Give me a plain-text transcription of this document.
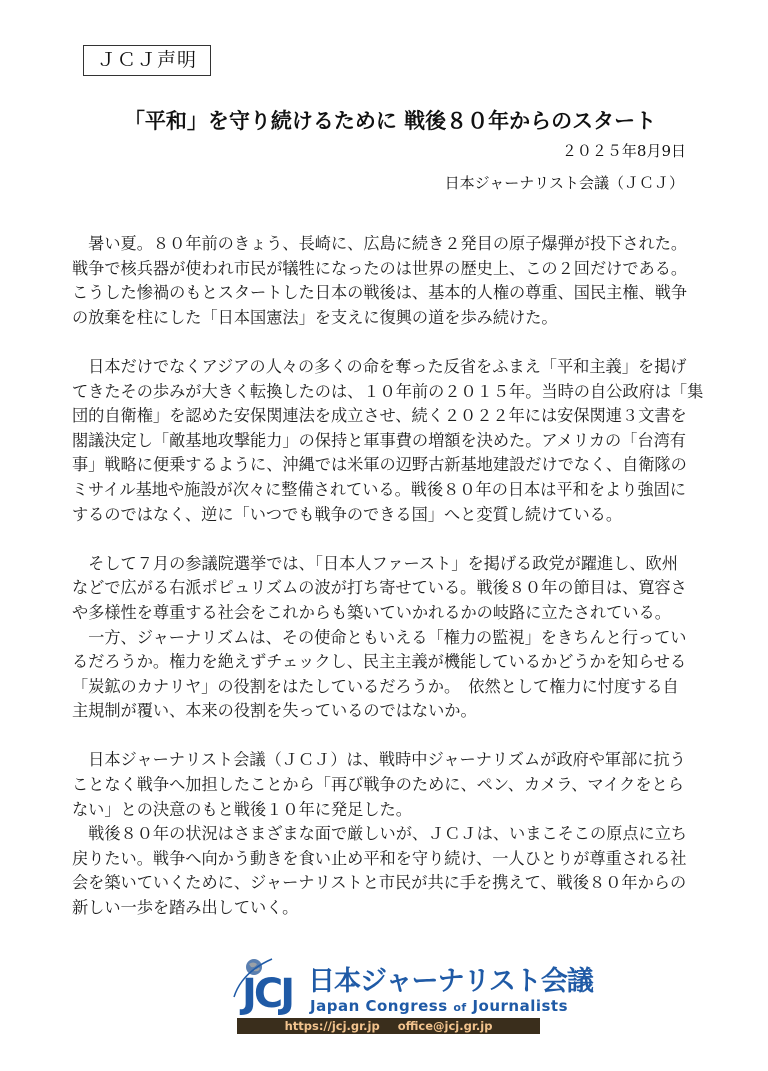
ＪＣＪ声明
「平和」を守り続けるために 戦後８０年からのスタート
２０２５年8月9日
日本ジャーナリスト会議（ＪＣＪ）
　暑い夏。８０年前のきょう、長崎に、広島に続き２発目の原子爆弾が投下された。
戦争で核兵器が使われ市民が犠牲になったのは世界の歴史上、この２回だけである。
こうした惨禍のもとスタートした日本の戦後は、基本的人権の尊重、国民主権、戦争
の放棄を柱にした「日本国憲法」を支えに復興の道を歩み続けた。
　日本だけでなくアジアの人々の多くの命を奪った反省をふまえ「平和主義」を掲げ
てきたその歩みが大きく転換したのは、１０年前の２０１５年。当時の自公政府は「集
団的自衛権」を認めた安保関連法を成立させ、続く２０２２年には安保関連３文書を
閣議決定し「敵基地攻撃能力」の保持と軍事費の増額を決めた。アメリカの「台湾有
事」戦略に便乗するように、沖縄では米軍の辺野古新基地建設だけでなく、自衛隊の
ミサイル基地や施設が次々に整備されている。戦後８０年の日本は平和をより強固に
するのではなく、逆に「いつでも戦争のできる国」へと変質し続けている。
　そして７月の参議院選挙では、「日本人ファースト」を掲げる政党が躍進し、欧州
などで広がる右派ポピュリズムの波が打ち寄せている。戦後８０年の節目は、寛容さ
や多様性を尊重する社会をこれからも築いていかれるかの岐路に立たされている。
　一方、ジャーナリズムは、その使命ともいえる「権力の監視」をきちんと行ってい
るだろうか。権力を絶えずチェックし、民主主義が機能しているかどうかを知らせる
「炭鉱のカナリヤ」の役割をはたしているだろうか。　依然として権力に忖度する自
主規制が覆い、本来の役割を失っているのではないか。
　日本ジャーナリスト会議（ＪＣＪ）は、戦時中ジャーナリズムが政府や軍部に抗う
ことなく戦争へ加担したことから「再び戦争のために、ペン、カメラ、マイクをとら
ない」との決意のもと戦後１０年に発足した。
　戦後８０年の状況はさまざまな面で厳しいが、ＪＣＪは、いまこそこの原点に立ち
戻りたい。戦争へ向かう動きを食い止め平和を守り続け、一人ひとりが尊重される社
会を築いていくために、ジャーナリストと市民が共に手を携えて、戦後８０年からの
新しい一歩を踏み出していく。
JCJ 日本ジャーナリスト会議
Japan Congress of Journalists
https://jcj.gr.jp office@jcj.gr.jp
